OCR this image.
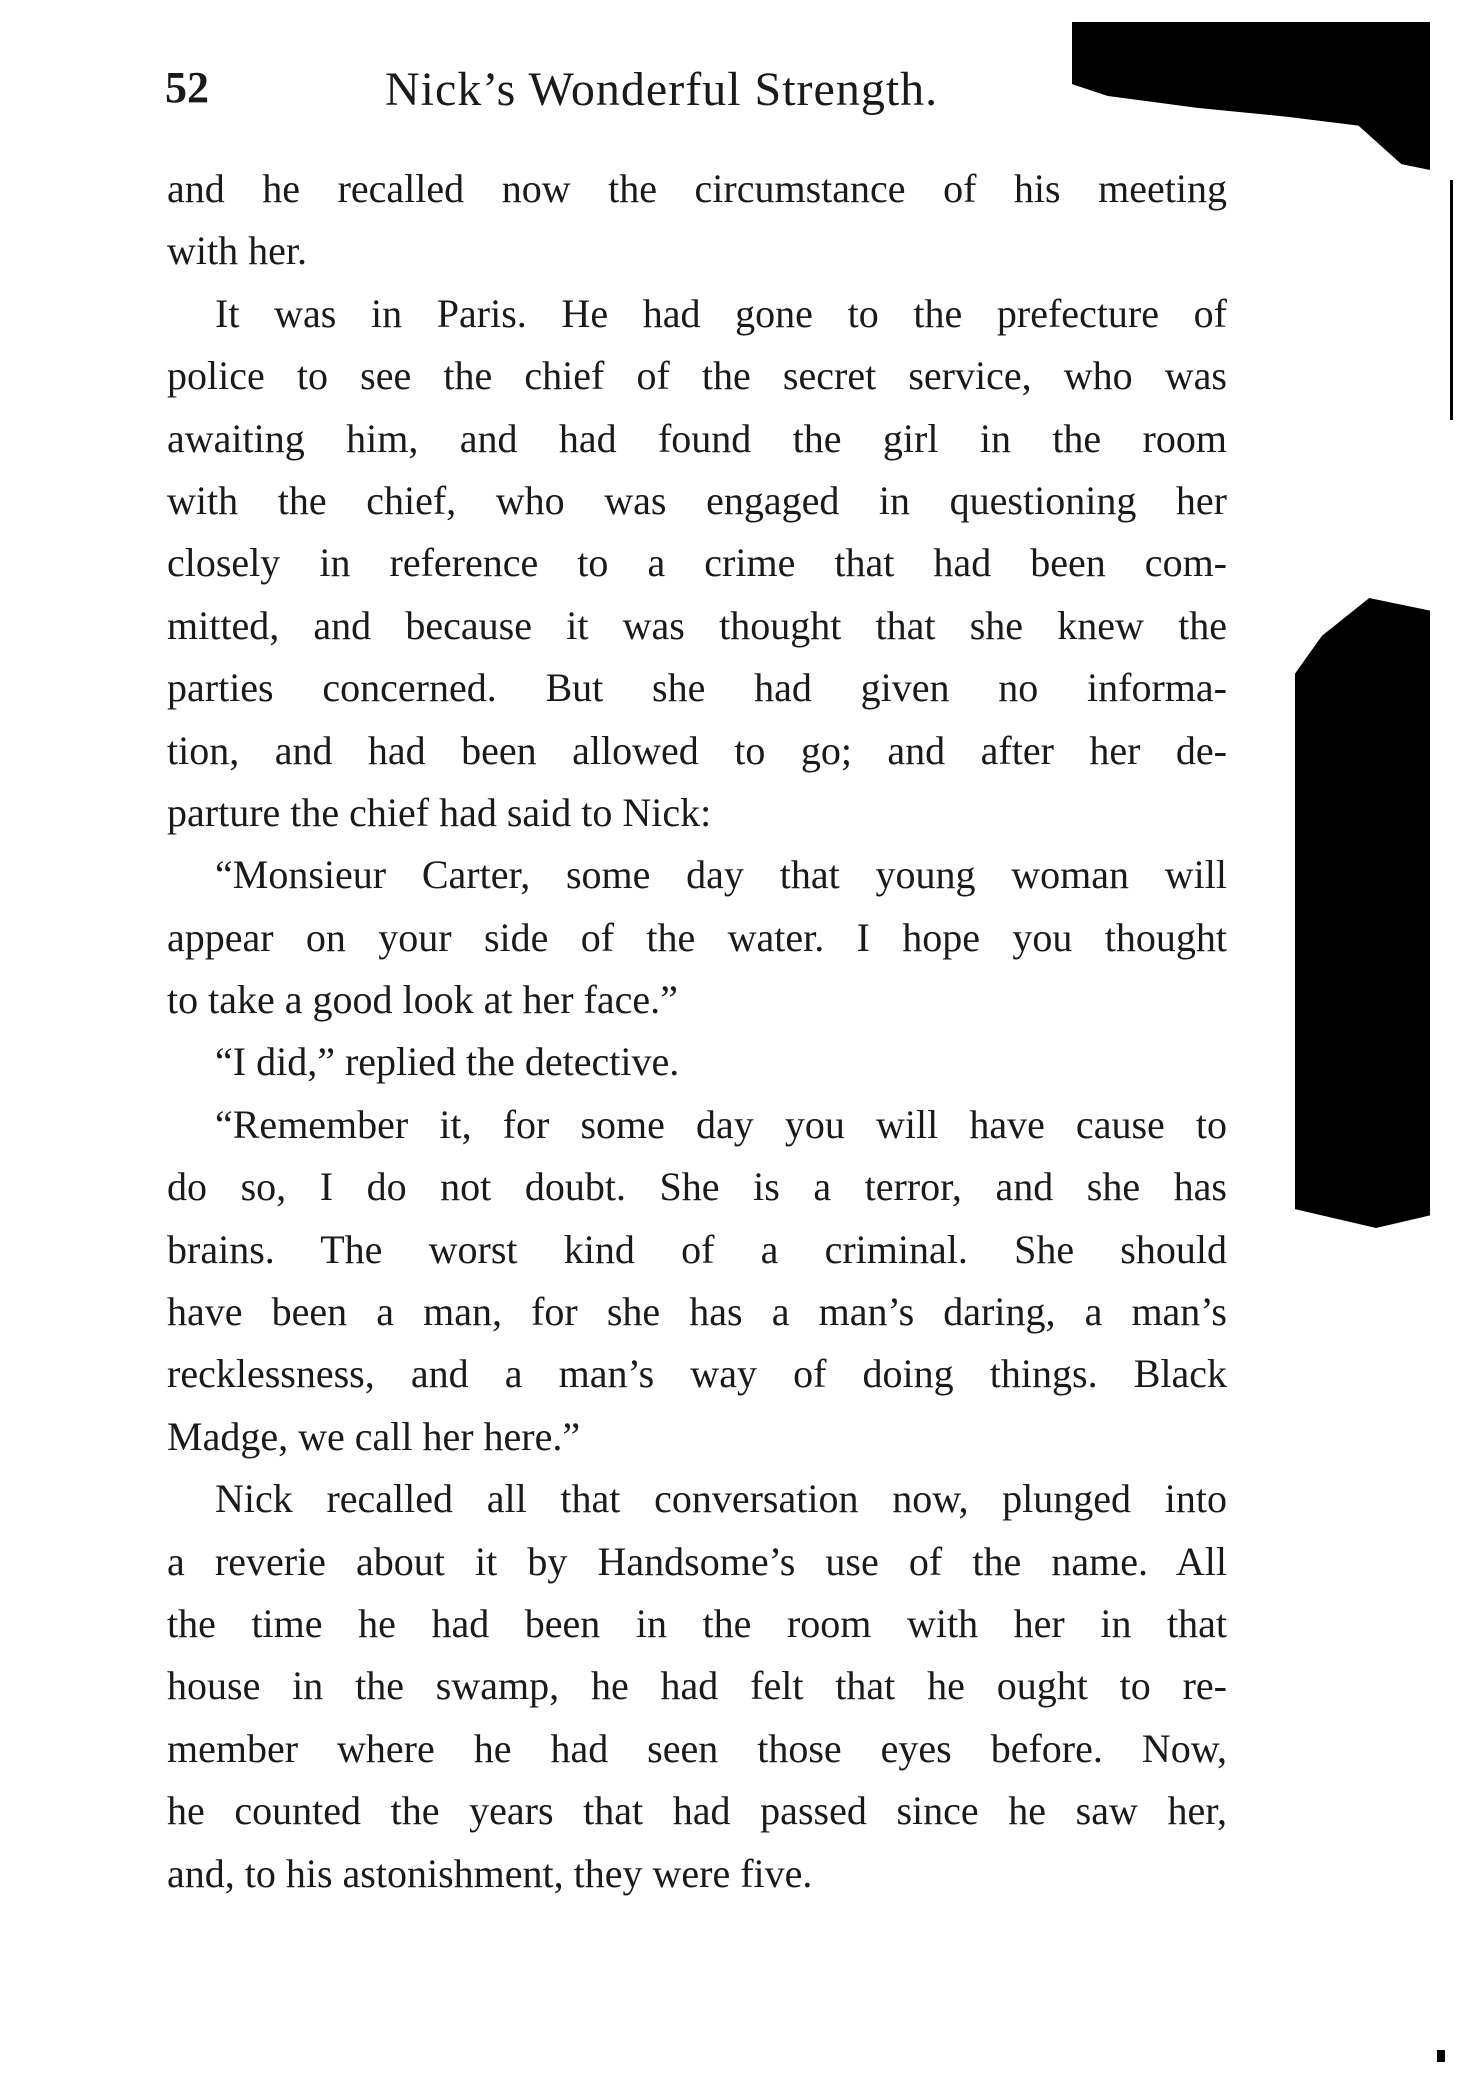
52	Nick’s Wonderful Strength.
and he recalled now the circumstance of his meeting
with her.
It was in Paris. He had gone to the prefecture of
police to see the chief of the secret service, who was
awaiting him, and had found the girl in the room
with the chief, who was engaged in questioning her
closely in reference to a crime that had been com-
mitted, and because it was thought that she knew the
parties concerned. But she had given no informa-
tion, and had been allowed to go; and after her de-
parture the chief had said to Nick:
“Monsieur Carter, some day that young woman will
appear on your side of the water. I hope you thought
to take a good look at her face.”
“I did,” replied the detective.
“Remember it, for some day you will have cause to
do so, I do not doubt. She is a terror, and she has
brains. The worst kind of a criminal. She should
have been a man, for she has a man’s daring, a man’s
recklessness, and a man’s way of doing things. Black
Madge, we call her here.”
Nick recalled all that conversation now, plunged into
a reverie about it by Handsome’s use of the name. All
the time he had been in the room with her in that
house in the swamp, he had felt that he ought to re-
member where he had seen those eyes before. Now,
he counted the years that had passed since he saw her,
and, to his astonishment, they were five.
